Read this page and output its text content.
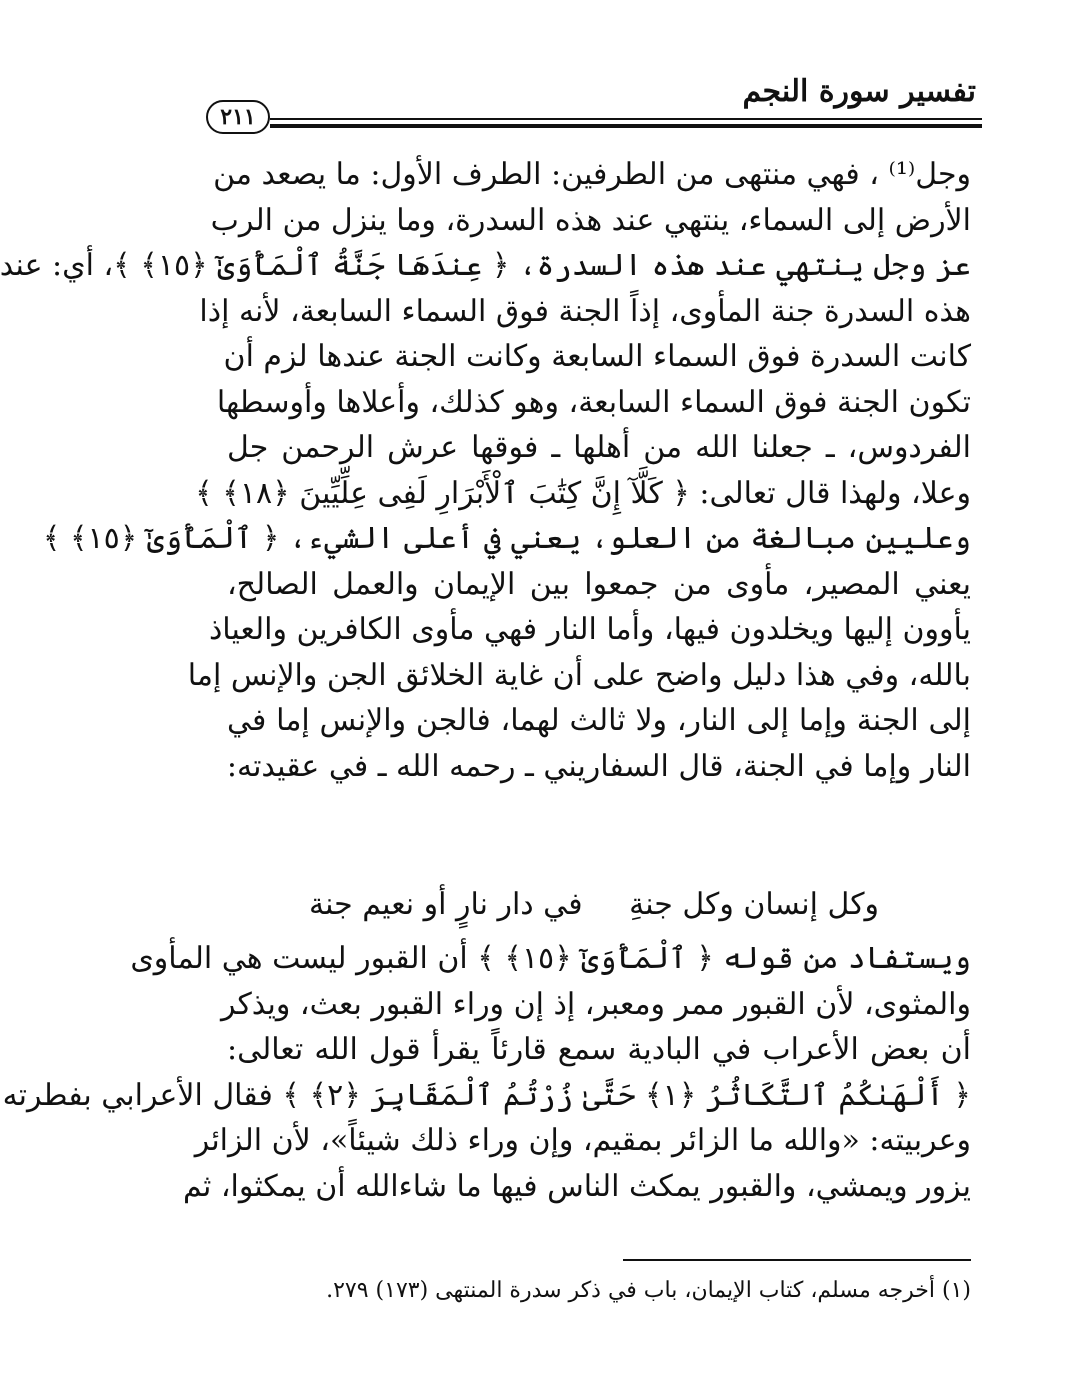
تفسير سورة النجم
٢١١
وجل⁽¹⁾ ، فهي منتهى من الطرفين: الطرف الأول: ما يصعد من
الأرض إلى السماء، ينتهي عند هذه السدرة، وما ينزل من الرب
عز وجل ينتهي عند هذه السدرة، ﴿ عِندَهَا جَنَّةُ ٱلْمَأْوَىٰٓ ﴿١٥﴾ ﴾، أي: عند
هذه السدرة جنة المأوى، إذاً الجنة فوق السماء السابعة، لأنه إذا
كانت السدرة فوق السماء السابعة وكانت الجنة عندها لزم أن
تكون الجنة فوق السماء السابعة، وهو كذلك، وأعلاها وأوسطها
الفردوس، ـ جعلنا الله من أهلها ـ فوقها عرش الرحمن جل
وعلا، ولهذا قال تعالى: ﴿ كَلَّآ إِنَّ كِتَٰبَ ٱلْأَبْرَارِ لَفِى عِلِّيِّينَ ﴿١٨﴾ ﴾
وعليين مبالغة من العلو، يعني في أعلى الشيء، ﴿ ٱلْمَأْوَىٰٓ ﴿١٥﴾ ﴾
يعني المصير، مأوى من جمعوا بين الإيمان والعمل الصالح،
يأوون إليها ويخلدون فيها، وأما النار فهي مأوى الكافرين والعياذ
بالله، وفي هذا دليل واضح على أن غاية الخلائق الجن والإنس إما
إلى الجنة وإما إلى النار، ولا ثالث لهما، فالجن والإنس إما في
النار وإما في الجنة، قال السفاريني ـ رحمه الله ـ في عقيدته:
وكل إنسان وكل جنةِ
في دار نارٍ أو نعيم جنة
ويستفاد من قوله ﴿ ٱلْمَأْوَىٰٓ ﴿١٥﴾ ﴾ أن القبور ليست هي المأوى
والمثوى، لأن القبور ممر ومعبر، إذ إن وراء القبور بعث، ويذكر
أن بعض الأعراب في البادية سمع قارئاً يقرأ قول الله تعالى:
﴿ أَلْهَىٰكُمُ ٱلتَّكَاثُرُ ﴿١﴾ حَتَّىٰ زُرْتُمُ ٱلْمَقَابِرَ ﴿٢﴾ ﴾ فقال الأعرابي بفطرته
وعربيته: «والله ما الزائر بمقيم، وإن وراء ذلك شيئاً»، لأن الزائر
يزور ويمشي، والقبور يمكث الناس فيها ما شاءالله أن يمكثوا، ثم
(١) أخرجه مسلم، كتاب الإيمان، باب في ذكر سدرة المنتهى (١٧٣) ٢٧٩.
